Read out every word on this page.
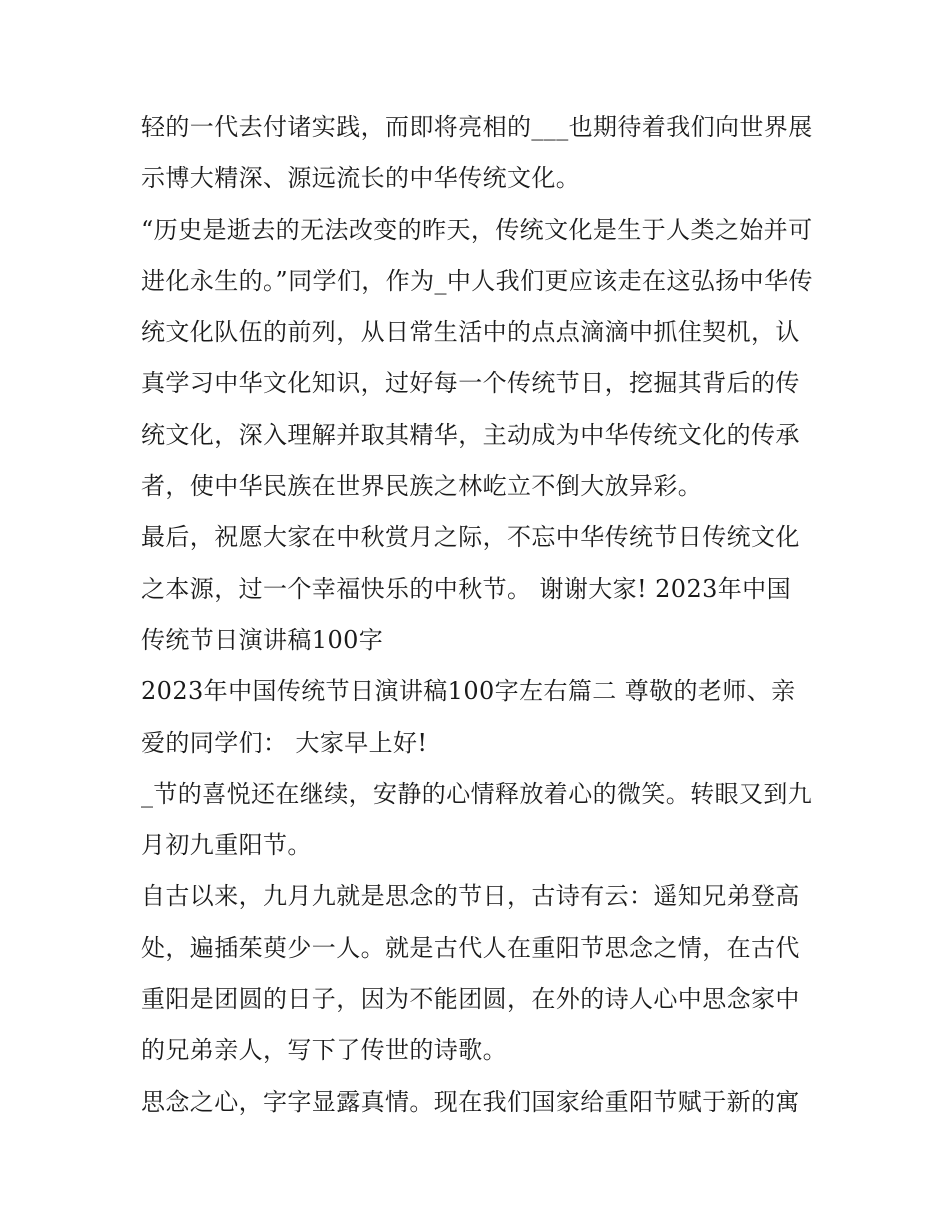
轻的一代去付诸实践，而即将亮相的___也期待着我们向世界展示博大精深、源远流长的中华传统文化。

“历史是逝去的无法改变的昨天，传统文化是生于人类之始并可进化永生的。”同学们，作为_中人我们更应该走在这弘扬中华传统文化队伍的前列，从日常生活中的点点滴滴中抓住契机，认真学习中华文化知识，过好每一个传统节日，挖掘其背后的传统文化，深入理解并取其精华，主动成为中华传统文化的传承者，使中华民族在世界民族之林屹立不倒大放异彩。

最后，祝愿大家在中秋赏月之际，不忘中华传统节日传统文化之本源，过一个幸福快乐的中秋节。 谢谢大家! 2023年中国传统节日演讲稿100字

2023年中国传统节日演讲稿100字左右篇二 尊敬的老师、亲爱的同学们： 大家早上好!

_节的喜悦还在继续，安静的心情释放着心的微笑。转眼又到九月初九重阳节。

自古以来，九月九就是思念的节日，古诗有云：遥知兄弟登高处，遍插茱萸少一人。就是古代人在重阳节思念之情，在古代重阳是团圆的日子，因为不能团圆，在外的诗人心中思念家中的兄弟亲人，写下了传世的诗歌。

思念之心，字字显露真情。现在我们国家给重阳节赋于新的寓
